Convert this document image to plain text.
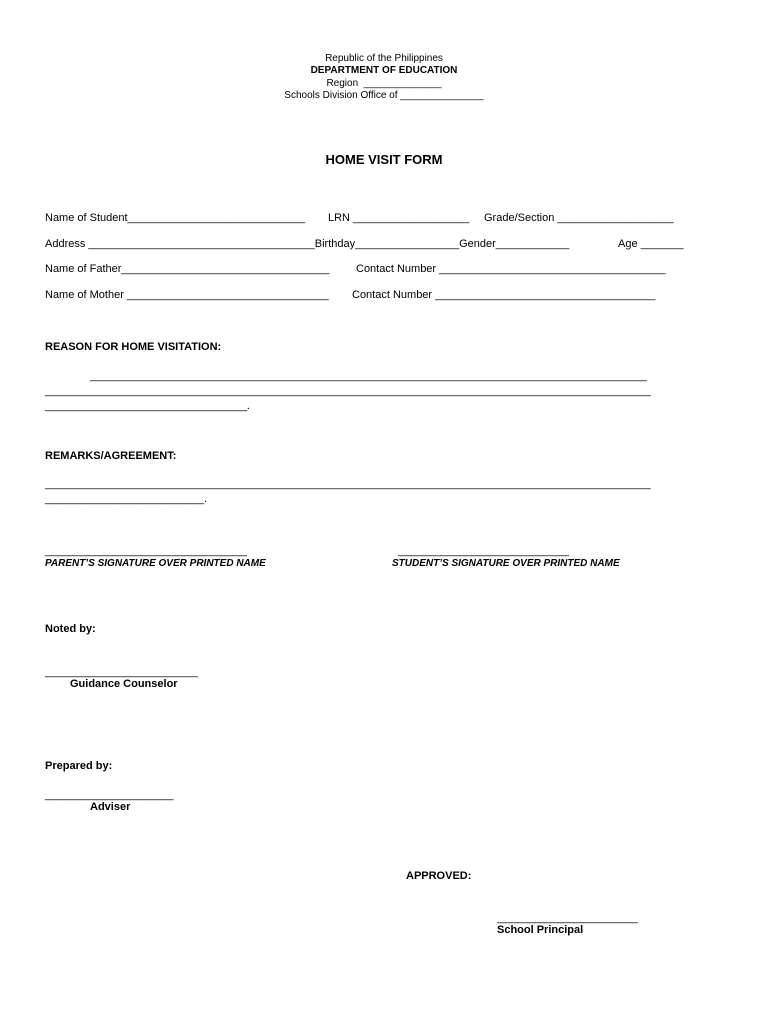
Republic of the Philippines
DEPARTMENT OF EDUCATION
Region  ______________
Schools Division Office of _______________
HOME VISIT FORM
Name of Student_____________________________ LRN ___________________ Grade/Section ___________________
Address _____________________________________Birthday_________________Gender____________	Age _______
Name of Father__________________________________ Contact Number _____________________________________
Name of Mother _________________________________ Contact Number ____________________________________
REASON FOR HOME VISITATION:
___________________________________________________________________________________________
___________________________________________________________________________________________________
_________________________________.
REMARKS/AGREEMENT:
___________________________________________________________________________________________________
__________________________.
_________________________________
PARENT’S SIGNATURE OVER PRINTED NAME
____________________________
STUDENT’S SIGNATURE OVER PRINTED NAME
Noted by:
_________________________
Guidance Counselor
Prepared by:
_____________________
Adviser
APPROVED:
_______________________
School Principal
